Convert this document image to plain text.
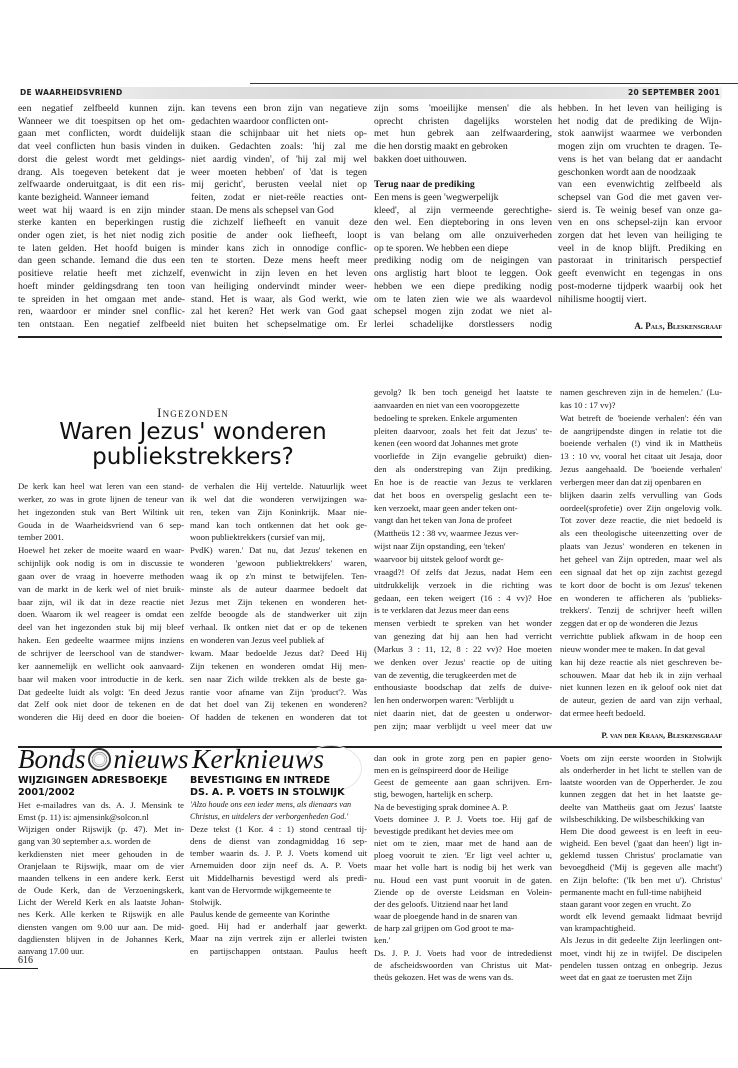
DE WAARHEIDSVRIEND	20 SEPTEMBER 2001
een negatief zelfbeeld kunnen zijn.
Wanneer we dit toespitsen op het om-
gaan met conflicten, wordt duidelijk
dat veel conflicten hun basis vinden in
dorst die gelest wordt met geldings-
drang. Als toegeven betekent dat je
zelfwaarde onderuitgaat, is dit een ris-
kante bezigheid. Wanneer iemand
weet wat hij waard is en zijn minder
sterke kanten en beperkingen rustig
onder ogen ziet, is het niet nodig zich
te laten gelden. Het hoofd buigen is
dan geen schande. Iemand die dus een
positieve relatie heeft met zichzelf,
hoeft minder geldingsdrang ten toon
te spreiden in het omgaan met ande-
ren, waardoor er minder snel conflic-
ten ontstaan. Een negatief zelfbeeld
kan tevens een bron zijn van negatieve
gedachten waardoor conflicten ont-
staan die schijnbaar uit het niets op-
duiken. Gedachten zoals: 'hij zal me
niet aardig vinden', of 'hij zal mij wel
weer moeten hebben' of 'dat is tegen
mij gericht', berusten veelal niet op
feiten, zodat er niet-reële reacties ont-
staan. De mens als schepsel van God
die zichzelf liefheeft en vanuit deze
positie de ander ook liefheeft, loopt
minder kans zich in onnodige conflic-
ten te storten. Deze mens heeft meer
evenwicht in zijn leven en het leven
van heiliging ondervindt minder weer-
stand. Het is waar, als God werkt, wie
zal het keren? Het werk van God gaat
niet buiten het schepselmatige om. Er
zijn soms 'moeilijke mensen' die als
oprecht christen dagelijks worstelen
met hun gebrek aan zelfwaardering,
die hen dorstig maakt en gebroken
bakken doet uithouwen.

Terug naar de prediking
Een mens is geen 'wegwerpelijk
kleed', al zijn vermeende gerechtighe-
den wel. Een diepteboring in ons leven
is van belang om alle onzuiverheden
op te sporen. We hebben een diepe
prediking nodig om de neigingen van
ons arglistig hart bloot te leggen. Ook
hebben we een diepe prediking nodig
om te laten zien wie we als waardevol
schepsel mogen zijn zodat we niet al-
lerlei schadelijke dorstlessers nodig
hebben. In het leven van heiliging is
het nodig dat de prediking de Wijn-
stok aanwijst waarmee we verbonden
mogen zijn om vruchten te dragen. Te-
vens is het van belang dat er aandacht
geschonken wordt aan de noodzaak
van een evenwichtig zelfbeeld als
schepsel van God die met gaven ver-
sierd is. Te weinig besef van onze ga-
ven en ons schepsel-zijn kan ervoor
zorgen dat het leven van heiliging te
veel in de knop blijft. Prediking en
pastoraat in trinitarisch perspectief
geeft evenwicht en tegengas in ons
post-moderne tijdperk waarbij ook het
nihilisme hoogtij viert.
A. Pals, Bleskensgraaf
Ingezonden
Waren Jezus' wonderen
publiekstrekkers?
De kerk kan heel wat leren van een stand-
werker, zo was in grote lijnen de teneur van
het ingezonden stuk van Bert Wiltink uit
Gouda in de Waarheidsvriend van 6 sep-
tember 2001.
Hoewel het zeker de moeite waard en waar-
schijnlijk ook nodig is om in discussie te
gaan over de vraag in hoeverre methoden
van de markt in de kerk wel of niet bruik-
baar zijn, wil ik dat in deze reactie niet
doen. Waarom ik wel reageer is omdat een
deel van het ingezonden stuk bij mij bleef
haken. Een gedeelte waarmee mijns inziens
de schrijver de leerschool van de standwer-
ker aannemelijk en wellicht ook aanvaard-
baar wil maken voor introductie in de kerk.
Dat gedeelte luidt als volgt: 'En deed Jezus
dat Zelf ook niet door de tekenen en de
wonderen die Hij deed en door die boeien-
de verhalen die Hij vertelde. Natuurlijk weet
ik wel dat die wonderen verwijzingen wa-
ren, teken van Zijn Koninkrijk. Maar nie-
mand kan toch ontkennen dat het ook ge-
woon publiektrekkers (cursief van mij,
PvdK) waren.' Dat nu, dat Jezus' tekenen en
wonderen 'gewoon publiektrekkers' waren,
waag ik op z'n minst te betwijfelen. Ten-
minste als de auteur daarmee bedoelt dat
Jezus met Zijn tekenen en wonderen het-
zelfde beoogde als de standwerker uit zijn
verhaal. Ik ontken niet dat er op de tekenen
en wonderen van Jezus veel publiek af
kwam. Maar bedoelde Jezus dat? Deed Hij
Zijn tekenen en wonderen omdat Hij men-
sen naar Zich wilde trekken als de beste ga-
rantie voor afname van Zijn 'product'?. Was
dat het doel van Zij tekenen en wonderen?
Of hadden de tekenen en wonderen dat tot
gevolg? Ik ben toch geneigd het laatste te
aanvaarden en niet van een vooropgezette
bedoeling te spreken. Enkele argumenten
pleiten daarvoor, zoals het feit dat Jezus' te-
kenen (een woord dat Johannes met grote
voorliefde in Zijn evangelie gebruikt) dien-
den als onderstreping van Zijn prediking.
En hoe is de reactie van Jezus te verklaren
dat het boos en overspelig geslacht een te-
ken verzoekt, maar geen ander teken ont-
vangt dan het teken van Jona de profeet
(Mattheüs 12 : 38 vv, waarmee Jezus ver-
wijst naar Zijn opstanding, een 'teken'
waarvoor bij uitstek geloof wordt ge-
vraagd?! Of zelfs dat Jezus, nadat Hem een
uitdrukkelijk verzoek in die richting was
gedaan, een teken weigert (16 : 4 vv)? Hoe
is te verklaren dat Jezus meer dan eens
mensen verbiedt te spreken van het wonder
van genezing dat hij aan hen had verricht
(Markus 3 : 11, 12, 8 : 22 vv)? Hoe moeten
we denken over Jezus' reactie op de uiting
van de zeventig, die terugkeerden met de
enthousiaste boodschap dat zelfs de duive-
len hen onderworpen waren: 'Verblijdt u
niet daarin niet, dat de geesten u onderwor-
pen zijn; maar verblijdt u veel meer dat uw
namen geschreven zijn in de hemelen.' (Lu-
kas 10 : 17 vv)?
Wat betreft de 'boeiende verhalen': één van
de aangrijpendste dingen in relatie tot die
boeiende verhalen (!) vind ik in Mattheüs
13 : 10 vv, vooral het citaat uit Jesaja, door
Jezus aangehaald. De 'boeiende verhalen'
verbergen meer dan dat zij openbaren en
blijken daarin zelfs vervulling van Gods
oordeel(sprofetie) over Zijn ongelovig volk.
Tot zover deze reactie, die niet bedoeld is
als een theologische uiteenzetting over de
plaats van Jezus' wonderen en tekenen in
het geheel van Zijn optreden, maar wel als
een signaal dat het op zijn zachtst gezegd
te kort door de bocht is om Jezus' tekenen
en wonderen te afficheren als 'publieks-
trekkers'. Tenzij de schrijver heeft willen
zeggen dat er op de wonderen die Jezus
verrichtte publiek afkwam in de hoop een
nieuw wonder mee te maken. In dat geval
kan hij deze reactie als niet geschreven be-
schouwen. Maar dat heb ik in zijn verhaal
niet kunnen lezen en ik geloof ook niet dat
de auteur, gezien de aard van zijn verhaal,
dat ermee heeft bedoeld.
P. van der Kraan, Bleskensgraaf
Bonds nieuws
WIJZIGINGEN ADRESBOEKJE
2001/2002
Het e-mailadres van ds. A. J. Mensink te
Emst (p. 11) is: ajmensink@solcon.nl
Wijzigen onder Rijswijk (p. 47). Met in-
gang van 30 september a.s. worden de
kerkdiensten niet meer gehouden in de
Oranjelaan te Rijswijk, maar om de vier
maanden telkens in een andere kerk. Eerst
de Oude Kerk, dan de Verzoeningskerk,
Licht der Wereld Kerk en als laatste Johan-
nes Kerk. Alle kerken te Rijswijk en alle
diensten vangen om 9.00 uur aan. De mid-
dagdiensten blijven in de Johannes Kerk,
aanvang 17.00 uur.
616
Kerknieuws
BEVESTIGING EN INTREDE
DS. A. P. VOETS IN STOLWIJK
'Alzo houde ons een ieder mens, als dienaars van
Christus, en uitdelers der verborgenheden God.'
Deze tekst (1 Kor. 4 : 1) stond centraal tij-
dens de dienst van zondagmiddag 16 sep-
tember waarin ds. J. P. J. Voets komend uit
Arnemuiden door zijn neef ds. A. P. Voets
uit Middelharnis bevestigd werd als predi-
kant van de Hervormde wijkgemeente te
Stolwijk.
Paulus kende de gemeente van Korinthe
goed. Hij had er anderhalf jaar gewerkt.
Maar na zijn vertrek zijn er allerlei twisten
en partijschappen ontstaan. Paulus heeft
dan ook in grote zorg pen en papier geno-
men en is geïnspireerd door de Heilige
Geest de gemeente aan gaan schrijven. Ern-
stig, bewogen, hartelijk en scherp.
Na de bevestiging sprak dominee A. P.
Voets dominee J. P. J. Voets toe. Hij gaf de
bevestigde predikant het devies mee om
niet om te zien, maar met de hand aan de
ploeg vooruit te zien. 'Er ligt veel achter u,
maar het volle hart is nodig bij het werk van
nu. Houd een vast punt vooruit in de gaten.
Ziende op de overste Leidsman en Volein-
der des geloofs. Uitziend naar het land
waar de ploegende hand in de snaren van
de harp zal grijpen om God groot te ma-
ken.'
Ds. J. P. J. Voets had voor de intrededienst
de afscheidswoorden van Christus uit Mat-
theüs gekozen. Het was de wens van ds.
Voets om zijn eerste woorden in Stolwijk
als onderherder in het licht te stellen van de
laatste woorden van de Opperherder. Je zou
kunnen zeggen dat het in het laatste ge-
deelte van Mattheüs gaat om Jezus' laatste
wilsbeschikking. De wilsbeschikking van
Hem Die dood geweest is en leeft in eeu-
wigheid. Een bevel ('gaat dan heen') ligt in-
geklemd tussen Christus' proclamatie van
bevoegdheid ('Mij is gegeven alle macht')
en Zijn belofte: ('Ik ben met u'). Christus'
permanente macht en full-time nabijheid
staan garant voor zegen en vrucht. Zo
wordt elk levend gemaakt lidmaat bevrijd
van krampachtigheid.
Als Jezus in dit gedeelte Zijn leerlingen ont-
moet, vindt hij ze in twijfel. De discipelen
pendelen tussen ontzag en onbegrip. Jezus
weet dat en gaat ze toerusten met Zijn
